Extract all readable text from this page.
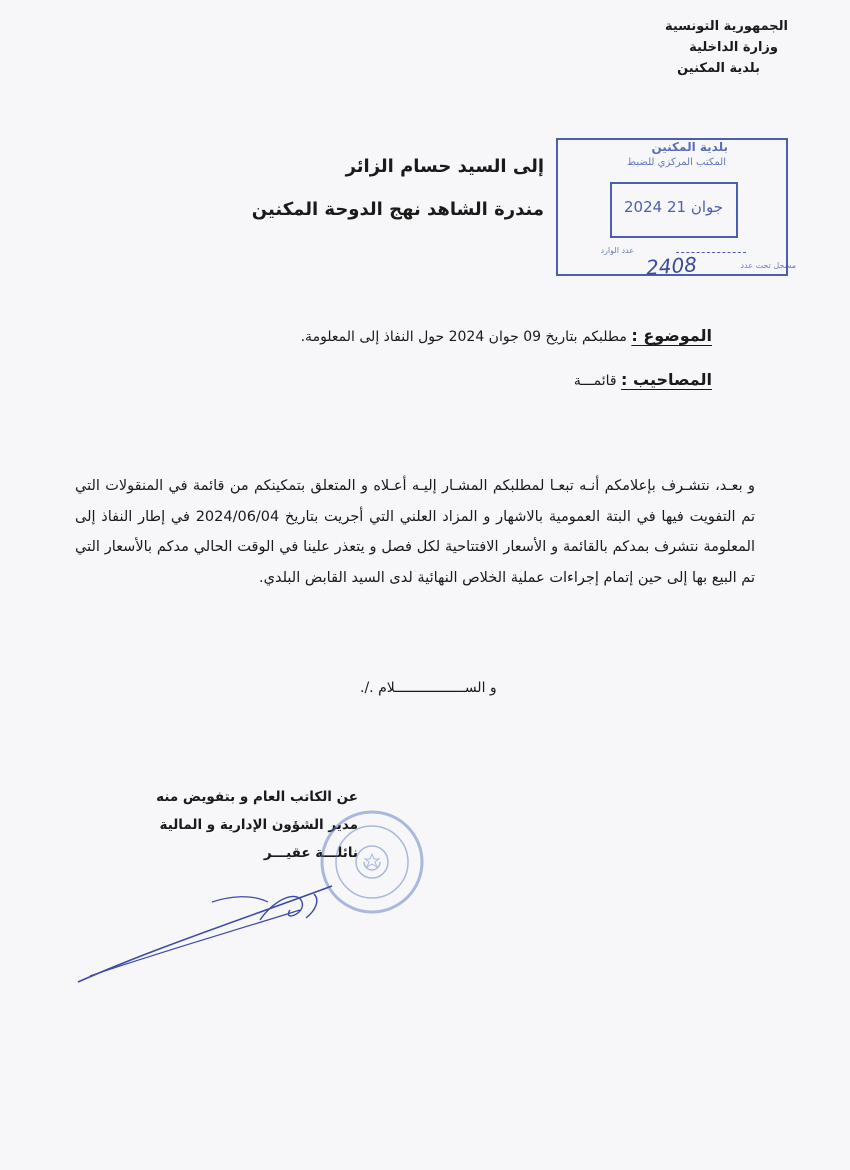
الجمهورية التونسية
وزارة الداخلية
بلدية المكنين
إلى السيد حسام الزائر
مندرة الشاهد نهج الدوحة المكنين
بلدية المكنين
المكتب المركزي للضبط
2024 جوان 21
عدد الوارد
2408	مسجل تحت عدد
الموضوع : مطلبكم بتاريخ 09 جوان 2024 حول النفاذ إلى المعلومة.
المصاحيب : قائمـــة
و بعـد، نتشـرف بإعلامكم أنـه تبعـا لمطلبكم المشـار إليـه أعـلاه و المتعلق بتمكينكم من قائمة في المنقولات التي تم التفويت فيها في البتة العمومية بالاشهار و المزاد العلني التي أجريت بتاريخ 2024/06/04 في إطار النفاذ إلى المعلومة نتشرف بمدكم بالقائمة و الأسعار الافتتاحية لكل فصل و يتعذر علينا في الوقت الحالي مدكم بالأسعار التي تم البيع بها إلى حين إتمام إجراءات عملية الخلاص النهائية لدى السيد القابض البلدي.
و الســـــــــــــــــلام ./.
عن الكاتب العام و بتفويض منه
مدير الشؤون الإدارية و المالية
نائلـــة عقيـــر
